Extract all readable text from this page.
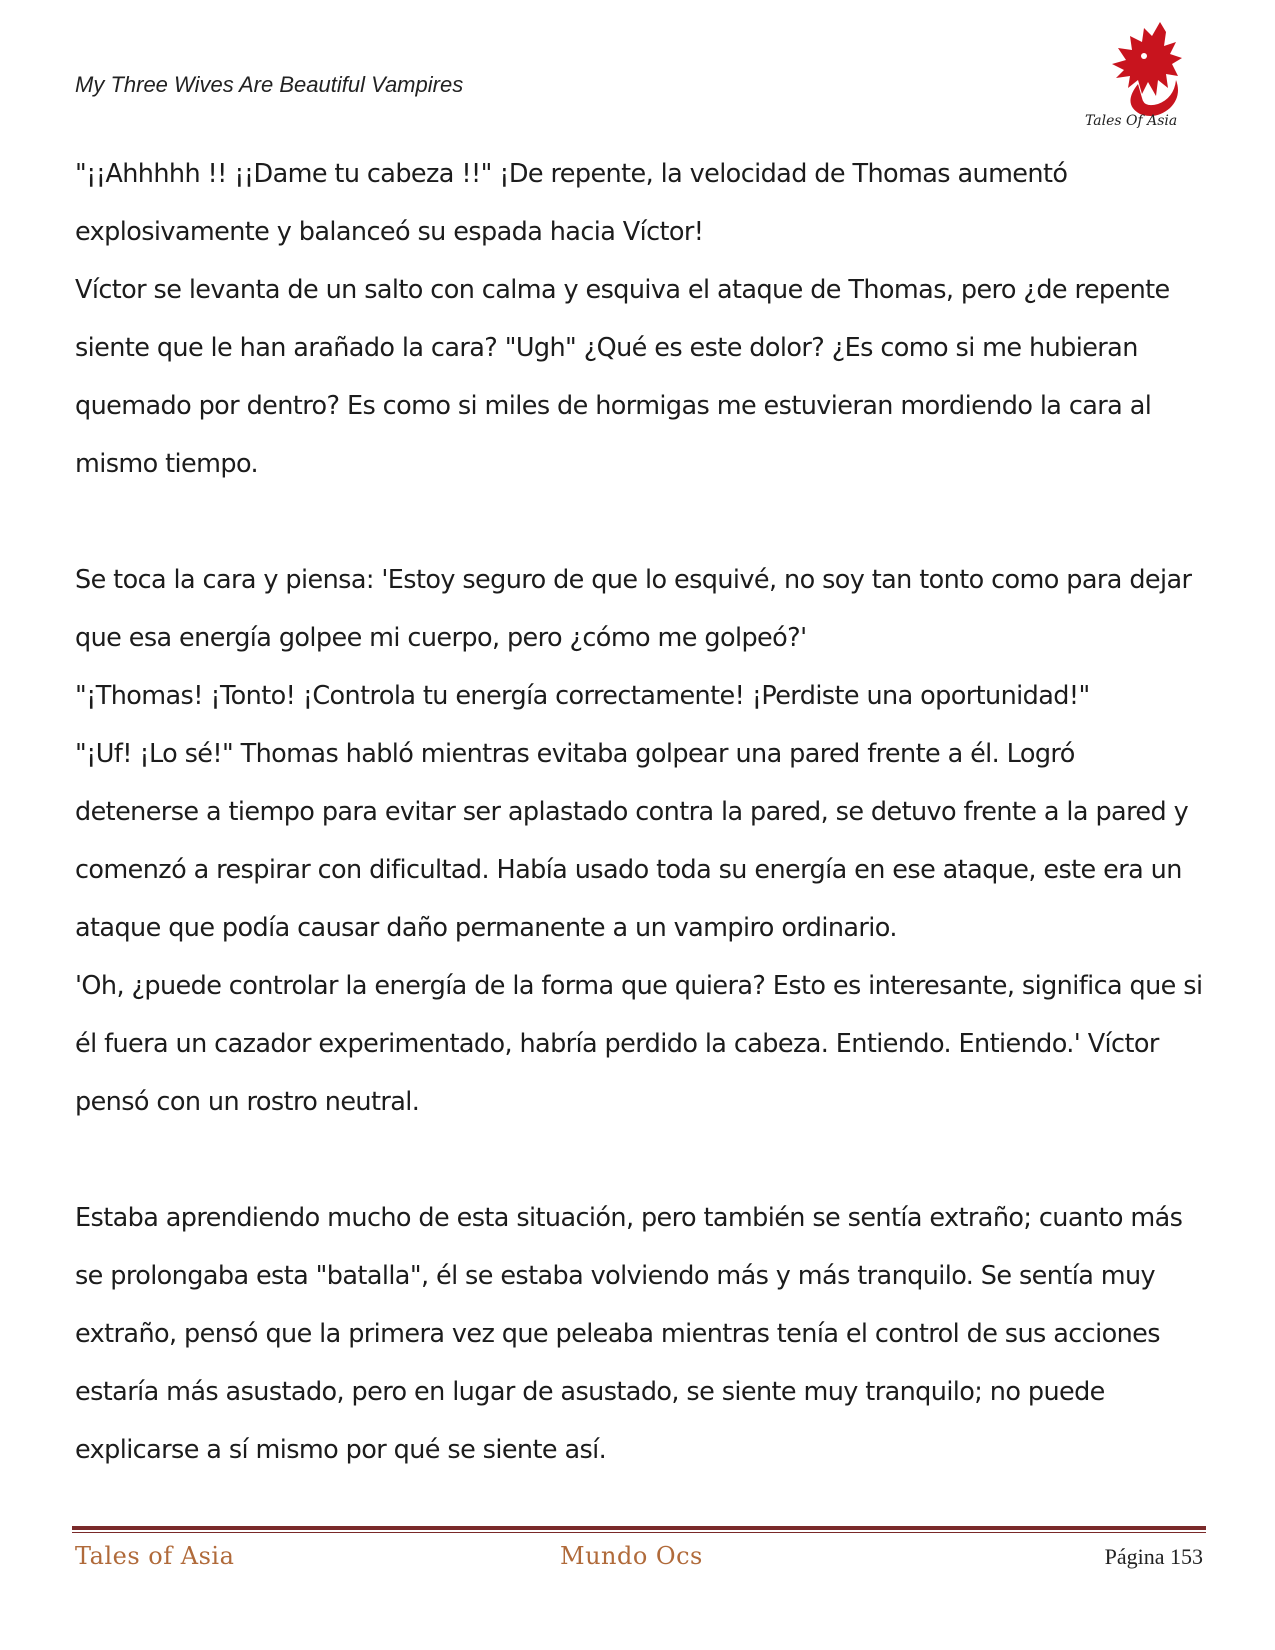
My Three Wives Are Beautiful Vampires
Tales Of Asia

"¡¡Ahhhhh !! ¡¡Dame tu cabeza !!" ¡De repente, la velocidad de Thomas aumentó explosivamente y balanceó su espada hacia Víctor!

Víctor se levanta de un salto con calma y esquiva el ataque de Thomas, pero ¿de repente siente que le han arañado la cara? "Ugh" ¿Qué es este dolor? ¿Es como si me hubieran quemado por dentro? Es como si miles de hormigas me estuvieran mordiendo la cara al mismo tiempo.

Se toca la cara y piensa: 'Estoy seguro de que lo esquivé, no soy tan tonto como para dejar que esa energía golpee mi cuerpo, pero ¿cómo me golpeó?'

"¡Thomas! ¡Tonto! ¡Controla tu energía correctamente! ¡Perdiste una oportunidad!"

"¡Uf! ¡Lo sé!" Thomas habló mientras evitaba golpear una pared frente a él. Logró detenerse a tiempo para evitar ser aplastado contra la pared, se detuvo frente a la pared y comenzó a respirar con dificultad. Había usado toda su energía en ese ataque, este era un ataque que podía causar daño permanente a un vampiro ordinario.

'Oh, ¿puede controlar la energía de la forma que quiera? Esto es interesante, significa que si él fuera un cazador experimentado, habría perdido la cabeza. Entiendo. Entiendo.' Víctor pensó con un rostro neutral.

Estaba aprendiendo mucho de esta situación, pero también se sentía extraño; cuanto más se prolongaba esta "batalla", él se estaba volviendo más y más tranquilo. Se sentía muy extraño, pensó que la primera vez que peleaba mientras tenía el control de sus acciones estaría más asustado, pero en lugar de asustado, se siente muy tranquilo; no puede explicarse a sí mismo por qué se siente así.

Tales of Asia	Mundo Ocs	Página 153
